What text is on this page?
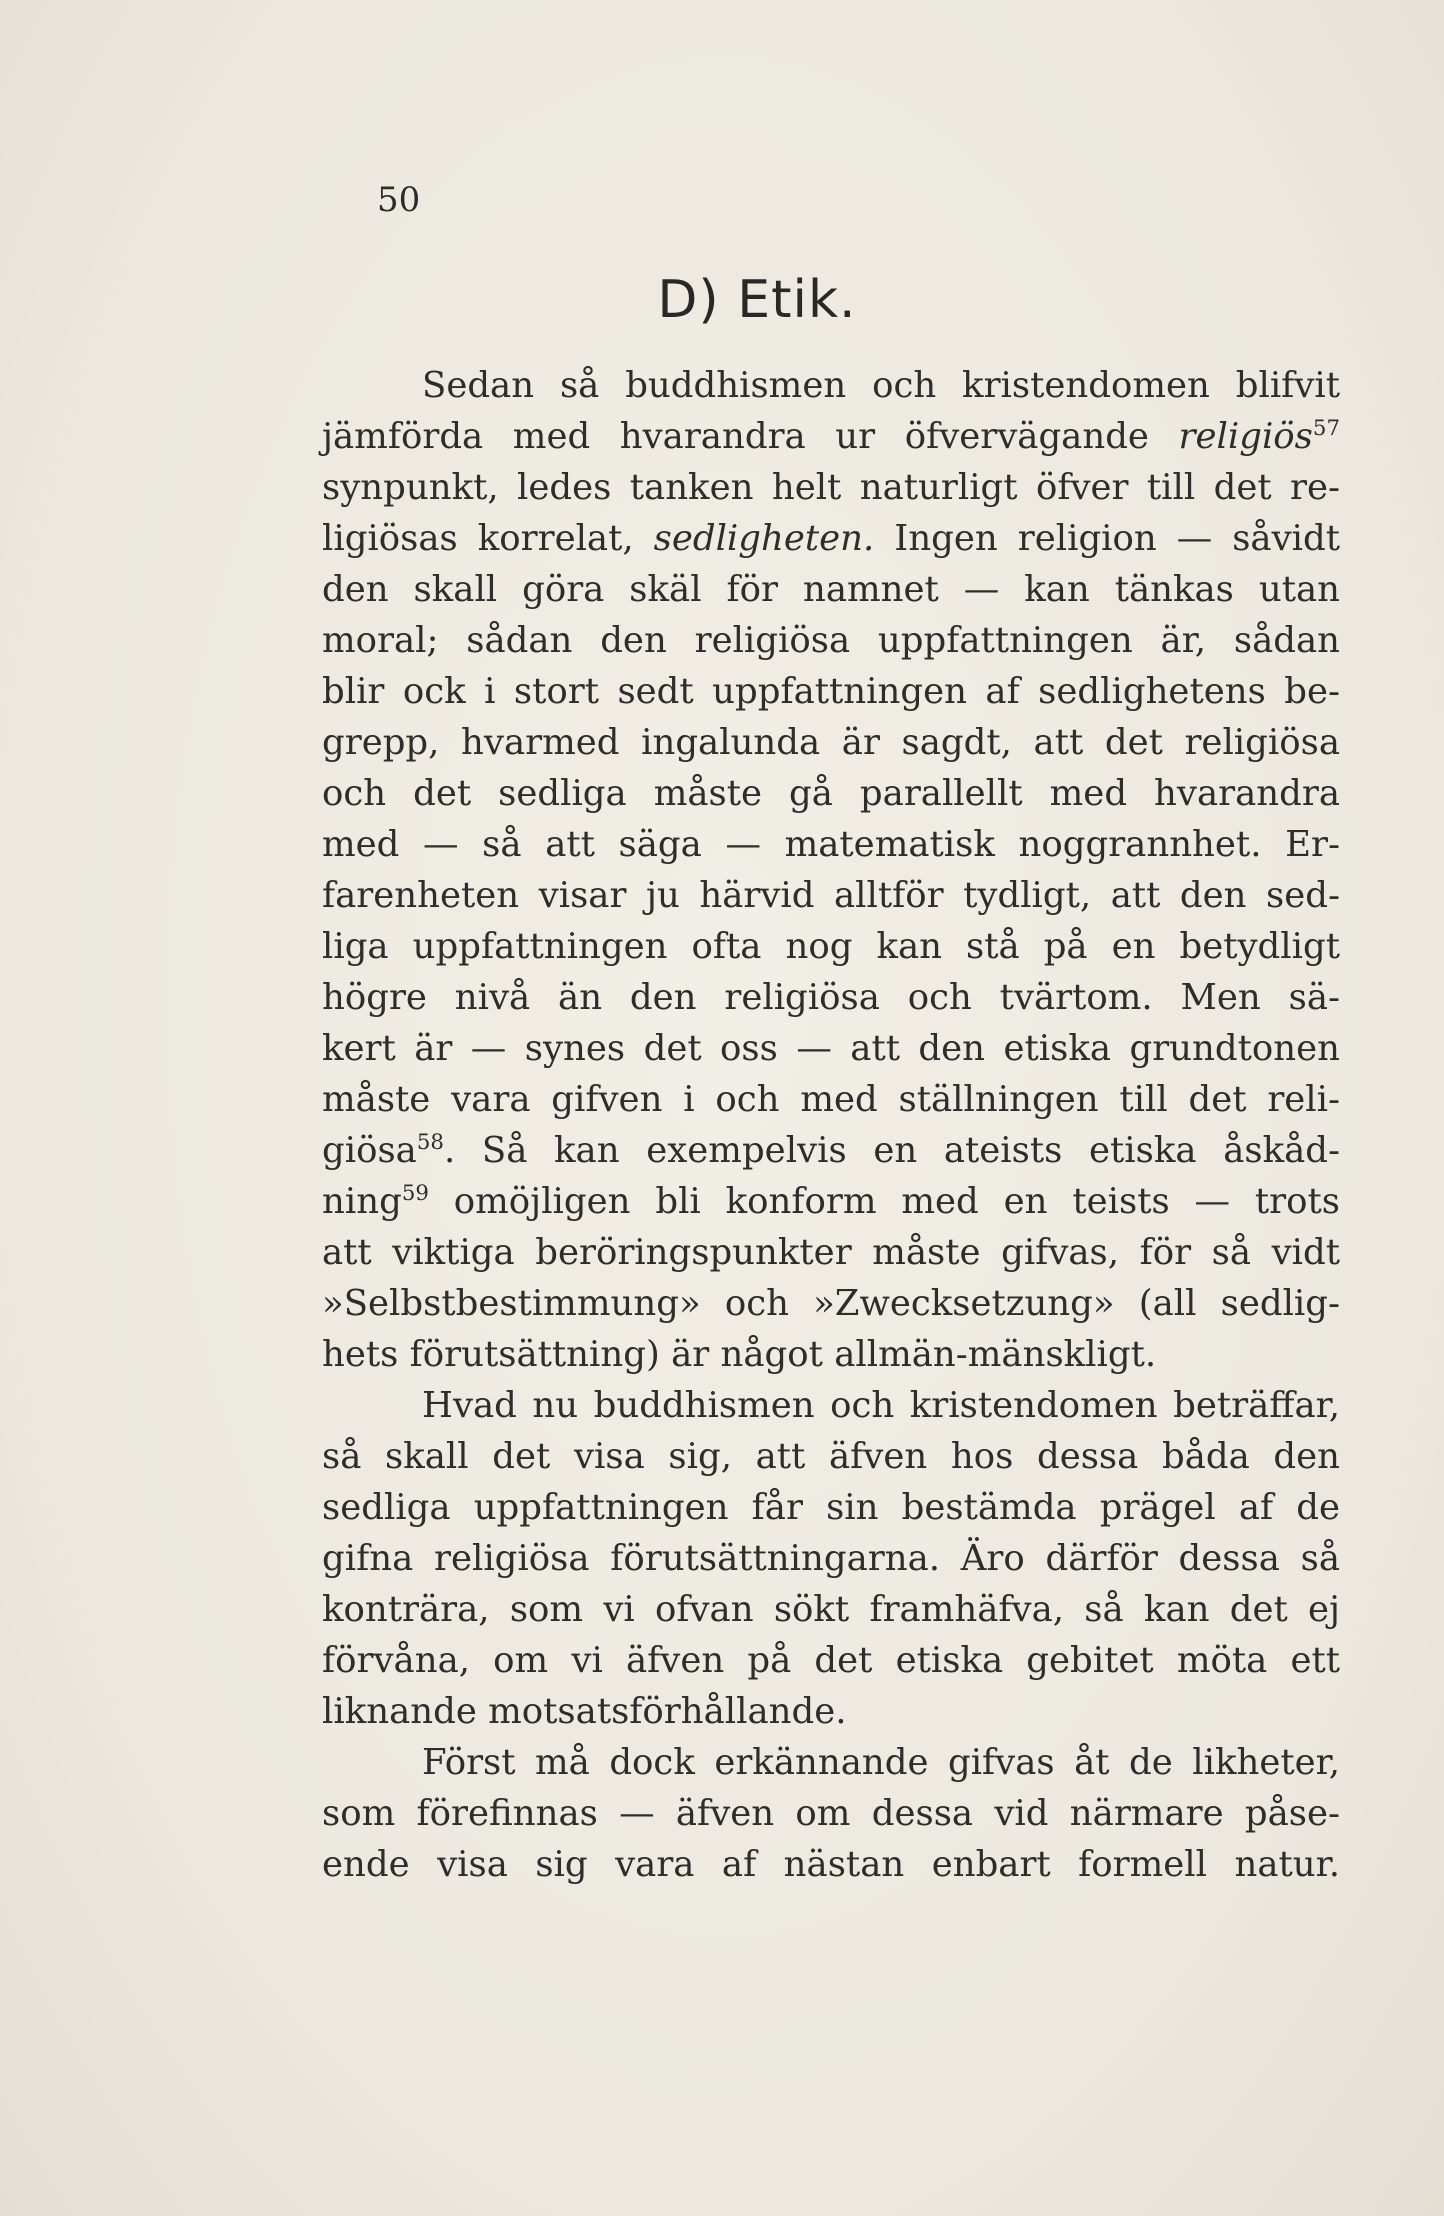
50
D) Etik.
Sedan så buddhismen och kristendomen blifvit
jämförda med hvarandra ur öfvervägande religiös$^{57}$
synpunkt, ledes tanken helt naturligt öfver till det re-
ligiösas korrelat, sedligheten. Ingen religion — såvidt
den skall göra skäl för namnet — kan tänkas utan
moral; sådan den religiösa uppfattningen är, sådan
blir ock i stort sedt uppfattningen af sedlighetens be-
grepp, hvarmed ingalunda är sagdt, att det religiösa
och det sedliga måste gå parallellt med hvarandra
med — så att säga — matematisk noggrannhet. Er-
farenheten visar ju härvid alltför tydligt, att den sed-
liga uppfattningen ofta nog kan stå på en betydligt
högre nivå än den religiösa och tvärtom. Men sä-
kert är — synes det oss — att den etiska grundtonen
måste vara gifven i och med ställningen till det reli-
giösa$^{58}$. Så kan exempelvis en ateists etiska åskåd-
ning$^{59}$ omöjligen bli konform med en teists — trots
att viktiga beröringspunkter måste gifvas, för så vidt
»Selbstbestimmung» och »Zwecksetzung» (all sedlig-
hets förutsättning) är något allmän-mänskligt.
Hvad nu buddhismen och kristendomen beträffar,
så skall det visa sig, att äfven hos dessa båda den
sedliga uppfattningen får sin bestämda prägel af de
gifna religiösa förutsättningarna. Äro därför dessa så
konträra, som vi ofvan sökt framhäfva, så kan det ej
förvåna, om vi äfven på det etiska gebitet möta ett
liknande motsatsförhållande.
Först må dock erkännande gifvas åt de likheter,
som förefinnas — äfven om dessa vid närmare påse-
ende visa sig vara af nästan enbart formell natur.
